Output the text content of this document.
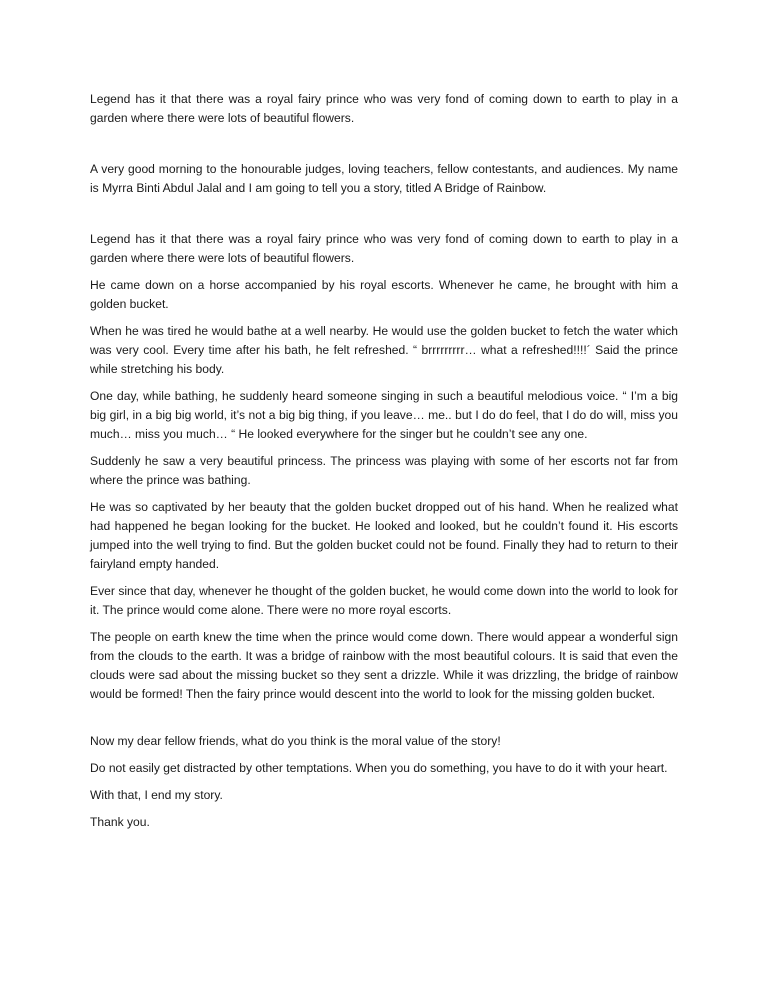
Legend has it that there was a royal fairy prince who was very fond of coming down to earth to play in a garden where there were lots of beautiful flowers.

A very good morning to the honourable judges, loving teachers, fellow contestants, and audiences. My name is Myrra Binti Abdul Jalal and I am going to tell you a story, titled A Bridge of Rainbow.

Legend has it that there was a royal fairy prince who was very fond of coming down to earth to play in a garden where there were lots of beautiful flowers.

He came down on a horse accompanied by his royal escorts. Whenever he came, he brought with him a golden bucket.

When he was tired he would bathe at a well nearby. He would use the golden bucket to fetch the water which was very cool. Every time after his bath, he felt refreshed. “ brrrrrrrrr… what a refreshed!!!!´ Said the prince while stretching his body.

One day, while bathing, he suddenly heard someone singing in such a beautiful melodious voice. “ I’m a big big girl, in a big big world, it’s not a big big thing, if you leave… me.. but I do do feel, that I do do will, miss you much… miss you much… “ He looked everywhere for the singer but he couldn’t see any one.

Suddenly he saw a very beautiful princess. The princess was playing with some of her escorts not far from where the prince was bathing.

He was so captivated by her beauty that the golden bucket dropped out of his hand. When he realized what had happened he began looking for the bucket. He looked and looked, but he couldn’t found it. His escorts jumped into the well trying to find. But the golden bucket could not be found. Finally they had to return to their fairyland empty handed.

Ever since that day, whenever he thought of the golden bucket, he would come down into the world to look for it. The prince would come alone. There were no more royal escorts.

The people on earth knew the time when the prince would come down. There would appear a wonderful sign from the clouds to the earth. It was a bridge of rainbow with the most beautiful colours. It is said that even the clouds were sad about the missing bucket so they sent a drizzle. While it was drizzling, the bridge of rainbow would be formed! Then the fairy prince would descent into the world to look for the missing golden bucket.

Now my dear fellow friends, what do you think is the moral value of the story!

Do not easily get distracted by other temptations. When you do something, you have to do it with your heart.

With that, I end my story.

Thank you.
